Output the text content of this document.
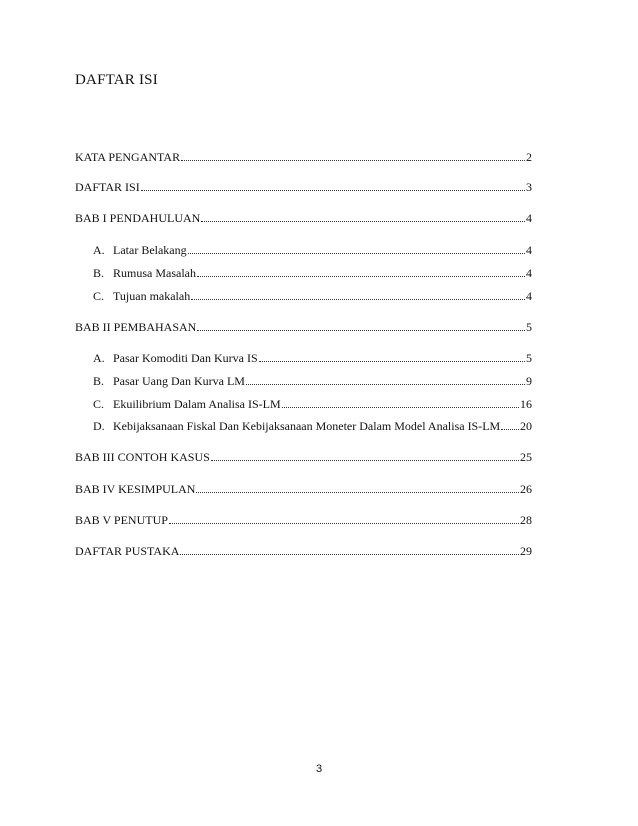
DAFTAR ISI
KATA PENGANTAR	2
DAFTAR ISI	3
BAB I PENDAHULUAN	4
A. Latar Belakang	4
B. Rumusa Masalah	4
C. Tujuan makalah	4
BAB II PEMBAHASAN	5
A. Pasar Komoditi Dan Kurva IS	5
B. Pasar Uang Dan Kurva LM	9
C. Ekuilibrium Dalam Analisa IS-LM	16
D. Kebijaksanaan Fiskal Dan Kebijaksanaan Moneter Dalam Model Analisa IS-LM 20
BAB III CONTOH KASUS	25
BAB IV KESIMPULAN	26
BAB V PENUTUP	28
DAFTAR PUSTAKA	29
3
